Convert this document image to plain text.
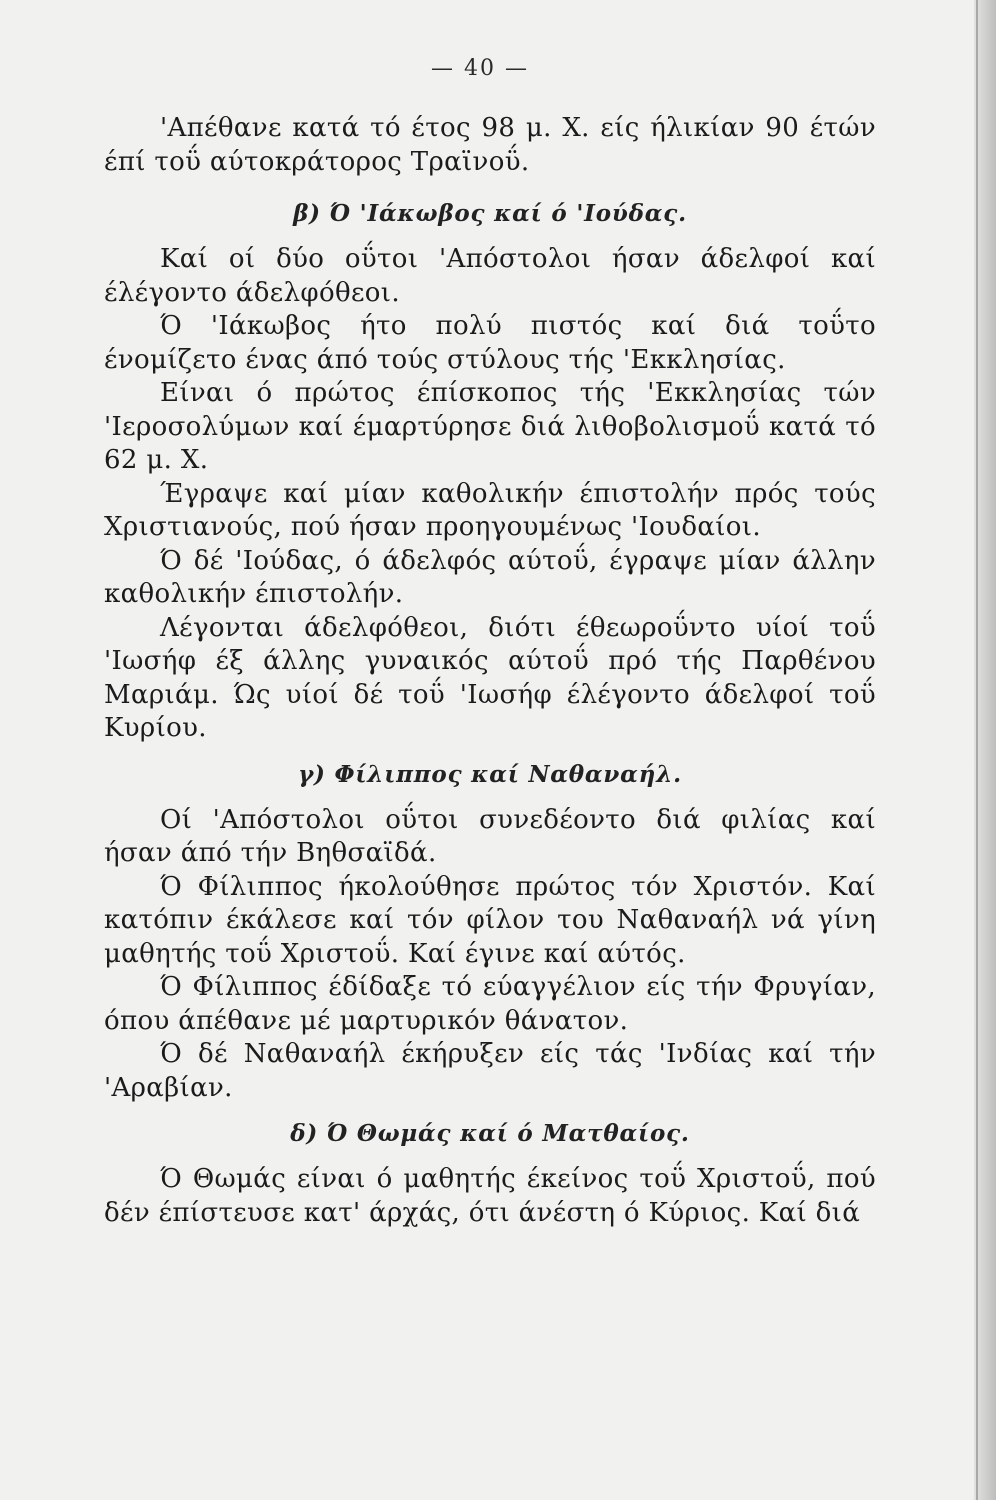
— 40 —

'Απέθανε κατά τό έτος 98 μ. Χ. είς ήλικίαν 90 έτών έπί τοΰ αύτοκράτορος Τραϊνοΰ.

β) Ό 'Ιάκωβος καί ό 'Ιούδας.

Καί οί δύο οΰτοι 'Απόστολοι ήσαν άδελφοί καί έλέγοντο άδελφόθεοι.

Ό 'Ιάκωβος ήτο πολύ πιστός καί διά τοΰτο ένομίζετο ένας άπό τούς στύλους τής 'Εκκλησίας.

Είναι ό πρώτος έπίσκοπος τής 'Εκκλησίας τών 'Ιεροσολύμων καί έμαρτύρησε διά λιθοβολισμοΰ κατά τό 62 μ. Χ.

Έγραψε καί μίαν καθολικήν έπιστολήν πρός τούς Χριστιανούς, πού ήσαν προηγουμένως 'Ιουδαίοι.

Ό δέ 'Ιούδας, ό άδελφός αύτοΰ, έγραψε μίαν άλλην καθολικήν έπιστολήν.

Λέγονται άδελφόθεοι, διότι έθεωροΰντο υίοί τοΰ 'Ιωσήφ έξ άλλης γυναικός αύτοΰ πρό τής Παρθένου Μαριάμ. Ώς υίοί δέ τοΰ 'Ιωσήφ έλέγοντο άδελφοί τοΰ Κυρίου.

γ) Φίλιππος καί Ναθαναήλ.

Οί 'Απόστολοι οΰτοι συνεδέοντο διά φιλίας καί ήσαν άπό τήν Βηθσαϊδά.

Ό Φίλιππος ήκολούθησε πρώτος τόν Χριστόν. Καί κατόπιν έκάλεσε καί τόν φίλον του Ναθαναήλ νά γίνη μαθητής τοΰ Χριστοΰ. Καί έγινε καί αύτός.

Ό Φίλιππος έδίδαξε τό εύαγγέλιον είς τήν Φρυγίαν, όπου άπέθανε μέ μαρτυρικόν θάνατον.

Ό δέ Ναθαναήλ έκήρυξεν είς τάς 'Ινδίας καί τήν 'Αραβίαν.

δ) Ό Θωμάς καί ό Ματθαίος.

Ό Θωμάς είναι ό μαθητής έκείνος τοΰ Χριστοΰ, πού δέν έπίστευσε κατ' άρχάς, ότι άνέστη ό Κύριος. Καί διά
